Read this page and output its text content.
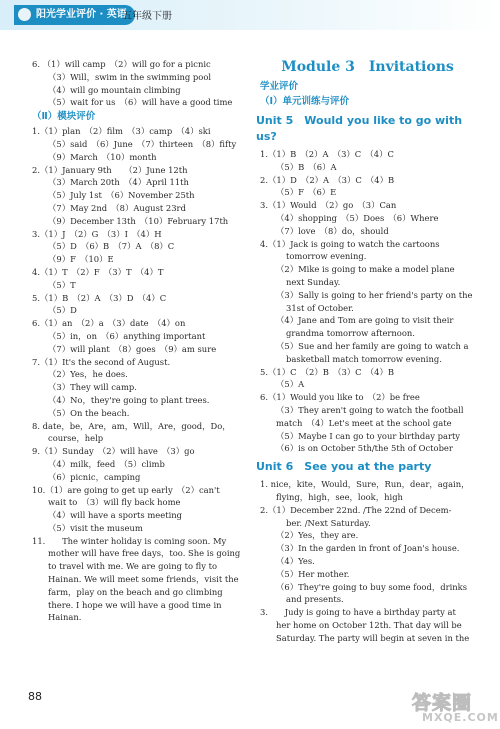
阳光学业评价 · 英语
五年级下册
6. （1）will camp　（2）will go for a picnic
（3）Will，swim in the swimming pool
（4）will go mountain climbing
（5）wait for us　（6）will have a good time
（Ⅱ）模块评价
1.（1）plan　（2）film　（3）camp　（4）ski
（5）said　（6）June　（7）thirteen　（8）fifty
（9）March　（10）month
2.（1）January 9th　　（2）June 12th
（3）March 20th　（4）April 11th
（5）July 1st　（6）November 25th
（7）May 2nd　（8）August 23rd
（9）December 13th　（10）February 17th
3.（1）J　（2）G　（3）I　（4）H
（5）D　（6）B　（7）A　（8）C
（9）F　（10）E
4.（1）T　（2）F　（3）T　（4）T
（5）T
5.（1）B　（2）A　（3）D　（4）C
（5）D
6.（1）an　（2）a　（3）date　（4）on
（5）in，on　（6）anything important
（7）will plant　（8）goes　（9）am sure
7.（1）It's the second of August.
（2）Yes，he does.
（3）They will camp.
（4）No，they're going to plant trees.
（5）On the beach.
8. date，be，Are，am，Will，Are，good，Do，
course，help
9.（1）Sunday　（2）will have　（3）go
（4）milk，feed　（5）climb
（6）picnic，camping
10.（1）are going to get up early　（2）can't
wait to　（3）will fly back home
（4）will have a sports meeting
（5）visit the museum
11.　　The winter holiday is coming soon. My
mother will have free days，too. She is going
to travel with me. We are going to fly to
Hainan. We will meet some friends，visit the
farm，play on the beach and go climbing
there. I hope we will have a good time in
Hainan.
Module 3　Invitations
学业评价
（Ⅰ）单元训练与评价
Unit 5　Would you like to go with us?
1.（1）B　（2）A　（3）C　（4）C
（5）B　（6）A
2.（1）D　（2）A　（3）C　（4）B
（5）F　（6）E
3.（1）Would　（2）go　（3）Can
（4）shopping　（5）Does　（6）Where
（7）love　（8）do，should
4.（1）Jack is going to watch the cartoons
tomorrow evening.
（2）Mike is going to make a model plane
next Sunday.
（3）Sally is going to her friend's party on the
31st of October.
（4）Jane and Tom are going to visit their
grandma tomorrow afternoon.
（5）Sue and her family are going to watch a
basketball match tomorrow evening.
5.（1）C　（2）B　（3）C　（4）B
（5）A
6.（1）Would you like to　（2）be free
（3）They aren't going to watch the football
match　（4）Let's meet at the school gate
（5）Maybe I can go to your birthday party
（6）is on October 5th/the 5th of October
Unit 6　See you at the party
1. nice，kite，Would，Sure，Run，dear，again，
flying，high，see，look，high
2.（1）December 22nd. /The 22nd of Decem-
ber. /Next Saturday.
（2）Yes，they are.
（3）In the garden in front of Joan's house.
（4）Yes.
（5）Her mother.
（6）They're going to buy some food，drinks
and presents.
3.　　Judy is going to have a birthday party at
her home on October 12th. That day will be
Saturday. The party will begin at seven in the
88	答案圈
MXQE.COM
